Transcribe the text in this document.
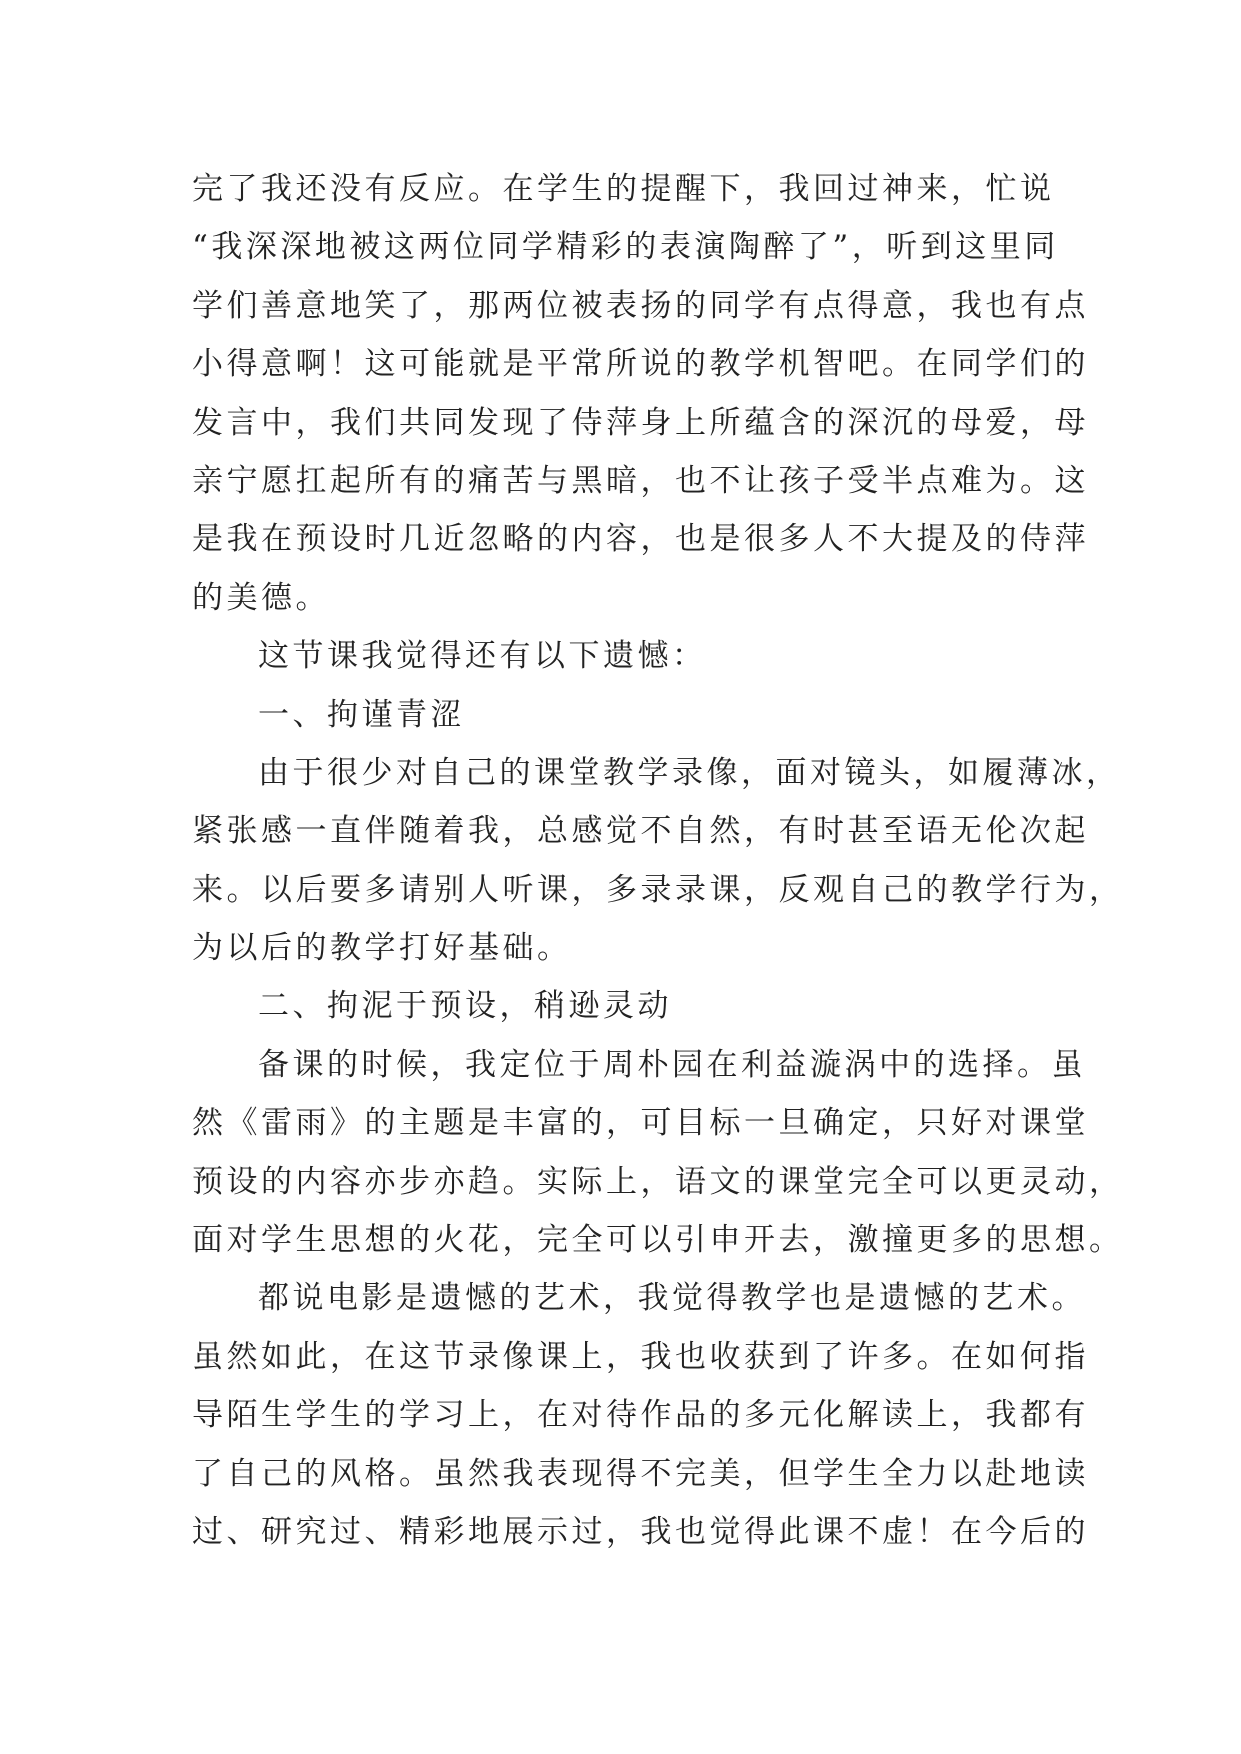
完了我还没有反应。在学生的提醒下，我回过神来，忙说
“我深深地被这两位同学精彩的表演陶醉了”，听到这里同
学们善意地笑了，那两位被表扬的同学有点得意，我也有点
小得意啊！这可能就是平常所说的教学机智吧。在同学们的
发言中，我们共同发现了侍萍身上所蕴含的深沉的母爱，母
亲宁愿扛起所有的痛苦与黑暗，也不让孩子受半点难为。这
是我在预设时几近忽略的内容，也是很多人不大提及的侍萍
的美德。
这节课我觉得还有以下遗憾：
一、拘谨青涩
由于很少对自己的课堂教学录像，面对镜头，如履薄冰，
紧张感一直伴随着我，总感觉不自然，有时甚至语无伦次起
来。以后要多请别人听课，多录录课，反观自己的教学行为，
为以后的教学打好基础。
二、拘泥于预设，稍逊灵动
备课的时候，我定位于周朴园在利益漩涡中的选择。虽
然《雷雨》的主题是丰富的，可目标一旦确定，只好对课堂
预设的内容亦步亦趋。实际上，语文的课堂完全可以更灵动，
面对学生思想的火花，完全可以引申开去，激撞更多的思想。
都说电影是遗憾的艺术，我觉得教学也是遗憾的艺术。
虽然如此，在这节录像课上，我也收获到了许多。在如何指
导陌生学生的学习上，在对待作品的多元化解读上，我都有
了自己的风格。虽然我表现得不完美，但学生全力以赴地读
过、研究过、精彩地展示过，我也觉得此课不虚！在今后的
